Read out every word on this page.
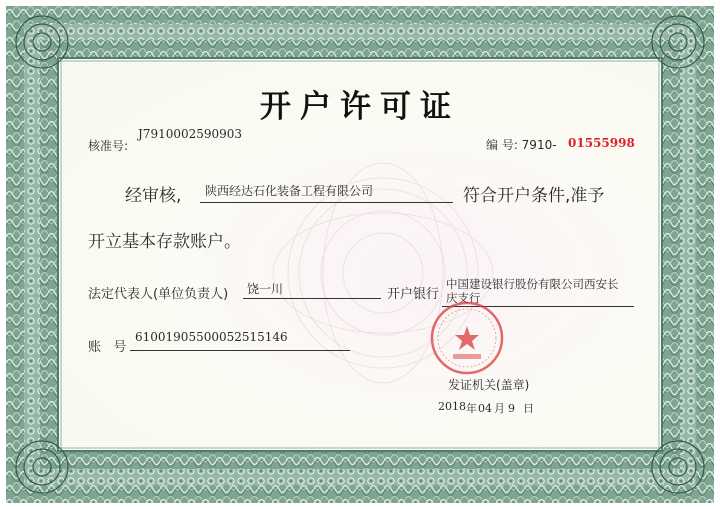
开户许可证
核准号:
J7910002590903
编 号: 7910- 01555998
经审核, 陕西经达石化装备工程有限公司	符合开户条件,准予
开立基本存款账户。
法定代表人(单位负责人) 饶一川	开户银行
中国建设银行股份有限公司西安长
庆支行
账   号
61001905500052515146
发证机关(盖章)
2018 年 04 月 9 日
